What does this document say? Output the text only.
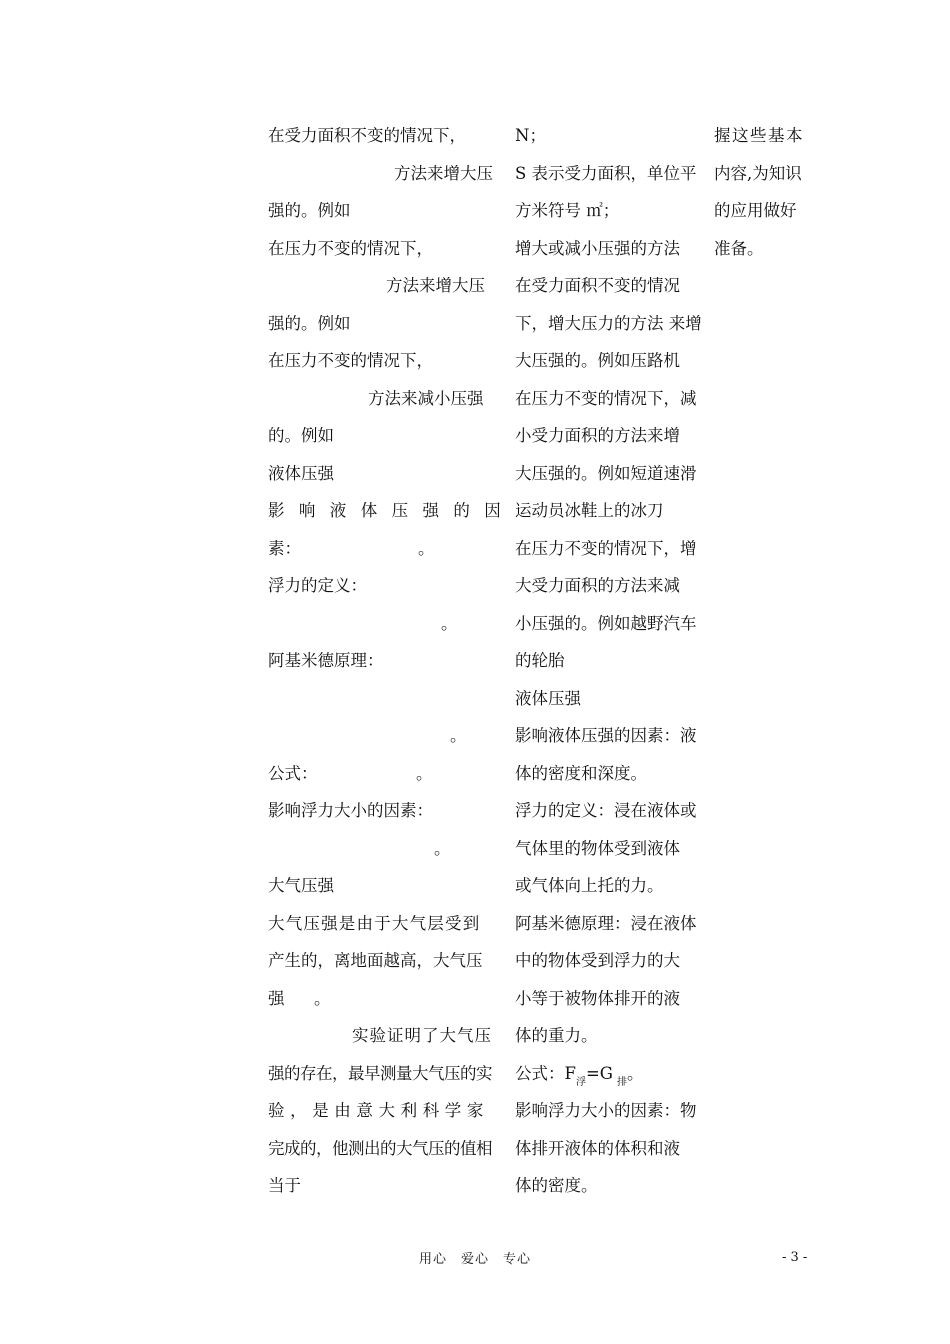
在受力面积不变的情况下，
方法来增大压
强的。例如
在压力不变的情况下，
方法来增大压
强的。例如
在压力不变的情况下，
方法来减小压强
的。例如
液体压强
影响液体压强的因
素：	。
浮力的定义：
。
阿基米德原理：
。
公式：	。
影响浮力大小的因素：
。
大气压强
大气压强是由于大气层受到
产生的，离地面越高，大气压
强 。
实验证明了大气压
强的存在，最早测量大气压的实
验，是由意大利科学家
完成的，他测出的大气压的值相
当于
N；
S 表示受力面积，单位平
方米符号 ㎡；
增大或减小压强的方法
在受力面积不变的情况
下，增大压力的方法 来增
大压强的。例如压路机
在压力不变的情况下，减
小受力面积的方法来增
大压强的。例如短道速滑
运动员冰鞋上的冰刀
在压力不变的情况下，增
大受力面积的方法来减
小压强的。例如越野汽车
的轮胎
液体压强
影响液体压强的因素：液
体的密度和深度。
浮力的定义：浸在液体或
气体里的物体受到液体
或气体向上托的力。
阿基米德原理：浸在液体
中的物体受到浮力的大
小等于被物体排开的液
体的重力。
公式：$F_浮=G$ $_排$。
影响浮力大小的因素：物
体排开液体的体积和液
体的密度。
握这些基本
内容,为知识
的应用做好
准备。
用心　爱心　专心	- 3 -
